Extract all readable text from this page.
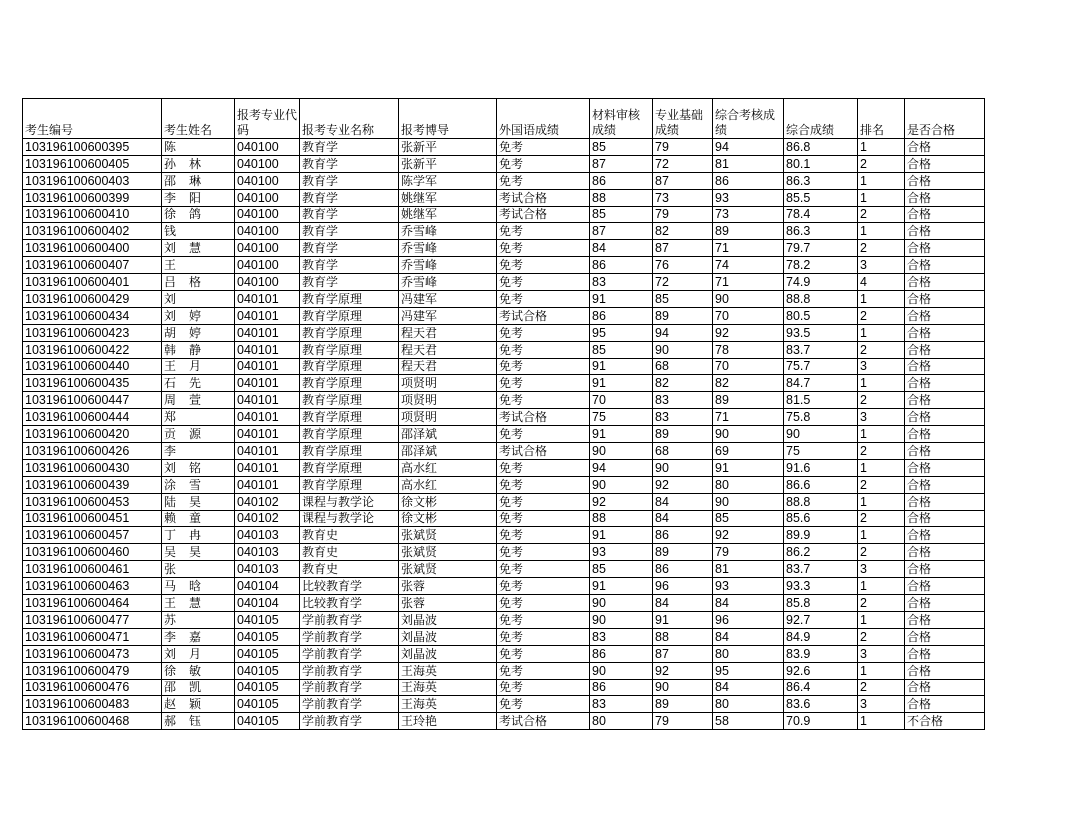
考生编号	考生姓名	报考专业代码	报考专业名称	报考博导	外国语成绩	材料审核成绩	专业基础成绩	综合考核成绩	综合成绩	排名	是否合格
103196100600395	陈	040100	教育学	张新平	免考	85	79	94	86.8	1	合格
103196100600405	孙　林	040100	教育学	张新平	免考	87	72	81	80.1	2	合格
103196100600403	邵　琳	040100	教育学	陈学军	免考	86	87	86	86.3	1	合格
103196100600399	李　阳	040100	教育学	姚继军	考试合格	88	73	93	85.5	1	合格
103196100600410	徐　鸽	040100	教育学	姚继军	考试合格	85	79	73	78.4	2	合格
103196100600402	钱	040100	教育学	乔雪峰	免考	87	82	89	86.3	1	合格
103196100600400	刘　慧	040100	教育学	乔雪峰	免考	84	87	71	79.7	2	合格
103196100600407	王	040100	教育学	乔雪峰	免考	86	76	74	78.2	3	合格
103196100600401	吕　格	040100	教育学	乔雪峰	免考	83	72	71	74.9	4	合格
103196100600429	刘	040101	教育学原理	冯建军	免考	91	85	90	88.8	1	合格
103196100600434	刘　婷	040101	教育学原理	冯建军	考试合格	86	89	70	80.5	2	合格
103196100600423	胡　婷	040101	教育学原理	程天君	免考	95	94	92	93.5	1	合格
103196100600422	韩　静	040101	教育学原理	程天君	免考	85	90	78	83.7	2	合格
103196100600440	王　月	040101	教育学原理	程天君	免考	91	68	70	75.7	3	合格
103196100600435	石　先	040101	教育学原理	项贤明	免考	91	82	82	84.7	1	合格
103196100600447	周　萱	040101	教育学原理	项贤明	免考	70	83	89	81.5	2	合格
103196100600444	郑	040101	教育学原理	项贤明	考试合格	75	83	71	75.8	3	合格
103196100600420	贡　源	040101	教育学原理	邵泽斌	免考	91	89	90	90	1	合格
103196100600426	李	040101	教育学原理	邵泽斌	考试合格	90	68	69	75	2	合格
103196100600430	刘　铭	040101	教育学原理	高水红	免考	94	90	91	91.6	1	合格
103196100600439	涂　雪	040101	教育学原理	高水红	免考	90	92	80	86.6	2	合格
103196100600453	陆　昊	040102	课程与教学论	徐文彬	免考	92	84	90	88.8	1	合格
103196100600451	赖　童	040102	课程与教学论	徐文彬	免考	88	84	85	85.6	2	合格
103196100600457	丁　冉	040103	教育史	张斌贤	免考	91	86	92	89.9	1	合格
103196100600460	吴　昊	040103	教育史	张斌贤	免考	93	89	79	86.2	2	合格
103196100600461	张	040103	教育史	张斌贤	免考	85	86	81	83.7	3	合格
103196100600463	马　晗	040104	比较教育学	张蓉	免考	91	96	93	93.3	1	合格
103196100600464	王　慧	040104	比较教育学	张蓉	免考	90	84	84	85.8	2	合格
103196100600477	苏	040105	学前教育学	刘晶波	免考	90	91	96	92.7	1	合格
103196100600471	李　嘉	040105	学前教育学	刘晶波	免考	83	88	84	84.9	2	合格
103196100600473	刘　月	040105	学前教育学	刘晶波	免考	86	87	80	83.9	3	合格
103196100600479	徐　敏	040105	学前教育学	王海英	免考	90	92	95	92.6	1	合格
103196100600476	邵　凯	040105	学前教育学	王海英	免考	86	90	84	86.4	2	合格
103196100600483	赵　颖	040105	学前教育学	王海英	免考	83	89	80	83.6	3	合格
103196100600468	郝　钰	040105	学前教育学	王玲艳	考试合格	80	79	58	70.9	1	不合格
